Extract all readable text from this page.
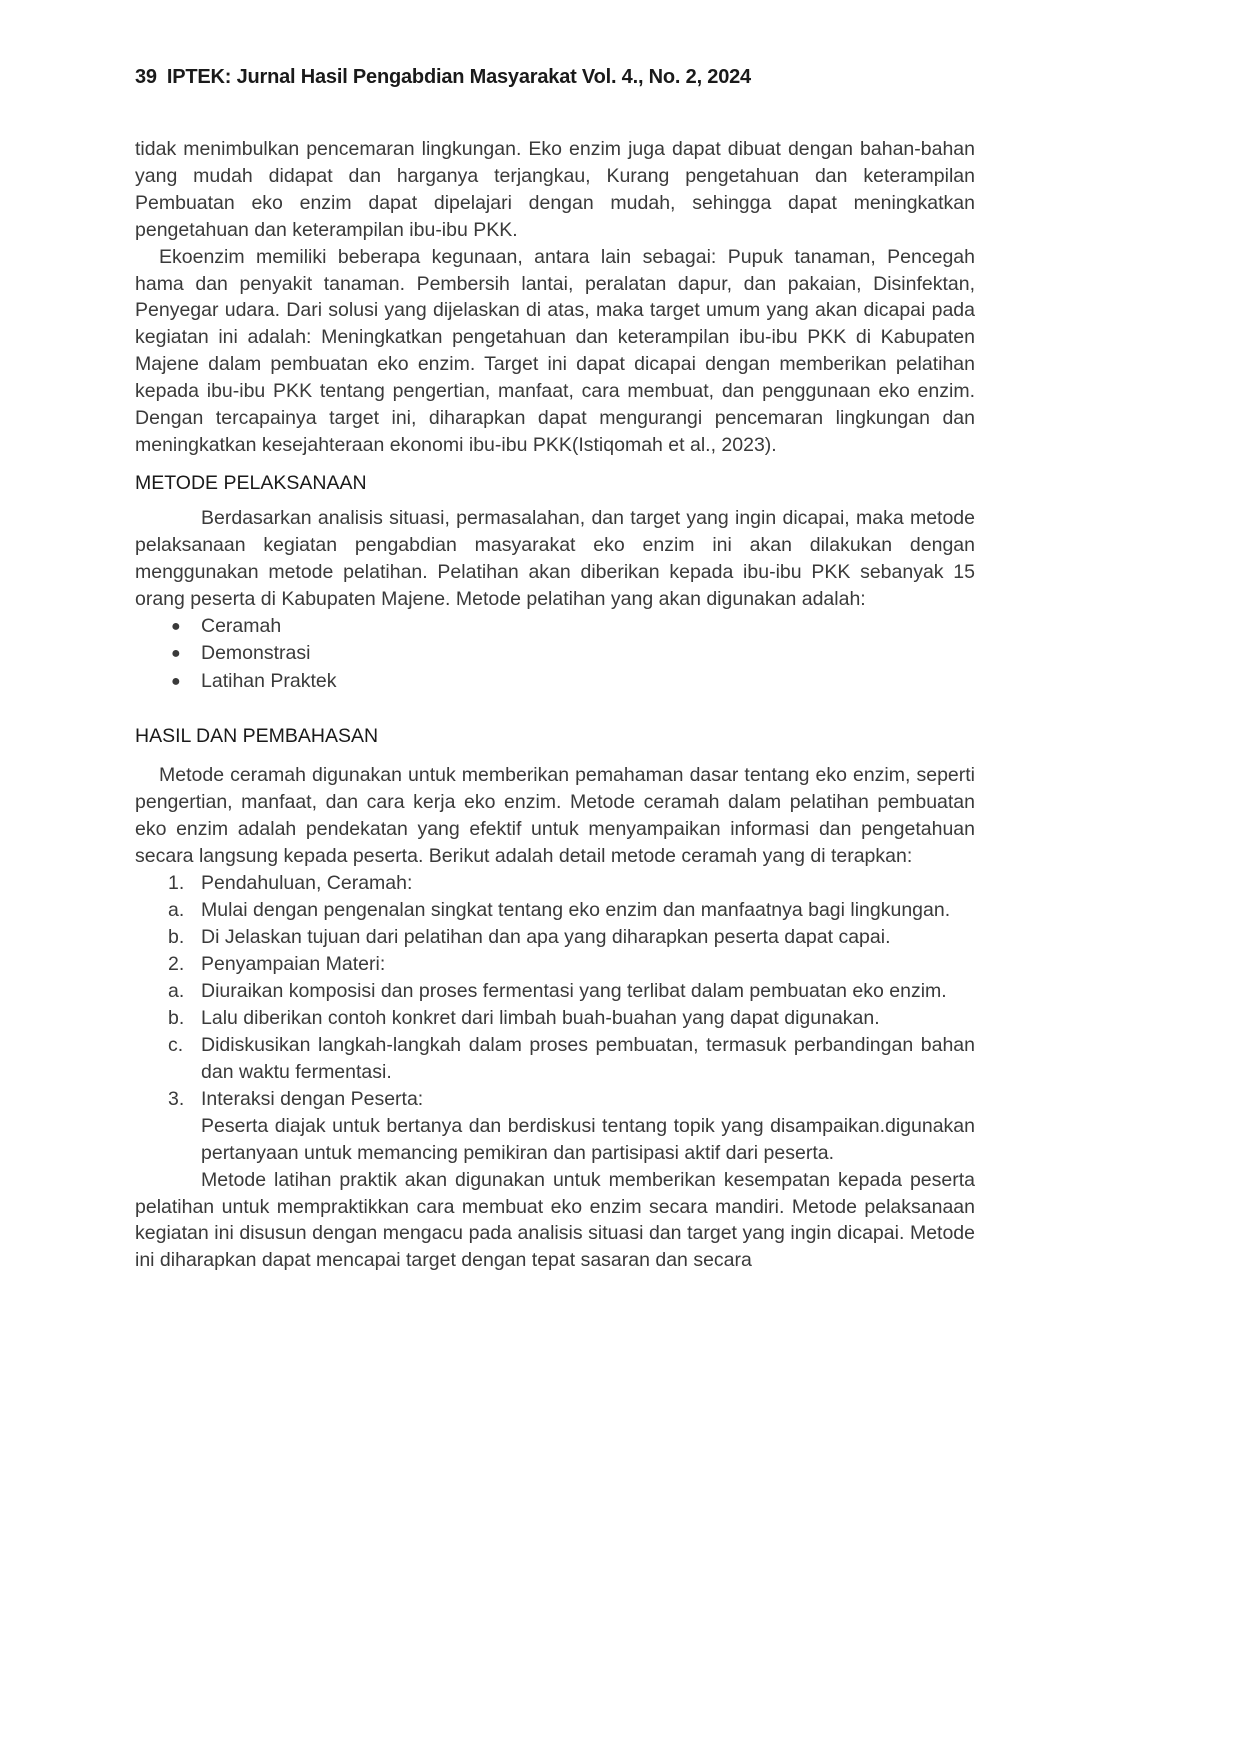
39 IPTEK: Jurnal Hasil Pengabdian Masyarakat Vol. 4., No. 2, 2024

tidak menimbulkan pencemaran lingkungan. Eko enzim juga dapat dibuat dengan bahan-bahan yang mudah didapat dan harganya terjangkau, Kurang pengetahuan dan keterampilan Pembuatan eko enzim dapat dipelajari dengan mudah, sehingga dapat meningkatkan pengetahuan dan keterampilan ibu-ibu PKK.

Ekoenzim memiliki beberapa kegunaan, antara lain sebagai: Pupuk tanaman, Pencegah hama dan penyakit tanaman. Pembersih lantai, peralatan dapur, dan pakaian, Disinfektan, Penyegar udara. Dari solusi yang dijelaskan di atas, maka target umum yang akan dicapai pada kegiatan ini adalah: Meningkatkan pengetahuan dan keterampilan ibu-ibu PKK di Kabupaten Majene dalam pembuatan eko enzim. Target ini dapat dicapai dengan memberikan pelatihan kepada ibu-ibu PKK tentang pengertian, manfaat, cara membuat, dan penggunaan eko enzim. Dengan tercapainya target ini, diharapkan dapat mengurangi pencemaran lingkungan dan meningkatkan kesejahteraan ekonomi ibu-ibu PKK(Istiqomah et al., 2023).

METODE PELAKSANAAN

Berdasarkan analisis situasi, permasalahan, dan target yang ingin dicapai, maka metode pelaksanaan kegiatan pengabdian masyarakat eko enzim ini akan dilakukan dengan menggunakan metode pelatihan. Pelatihan akan diberikan kepada ibu-ibu PKK sebanyak 15 orang peserta di Kabupaten Majene. Metode pelatihan yang akan digunakan adalah:

● Ceramah
● Demonstrasi
● Latihan Praktek
HASIL DAN PEMBAHASAN

Metode ceramah digunakan untuk memberikan pemahaman dasar tentang eko enzim, seperti pengertian, manfaat, dan cara kerja eko enzim. Metode ceramah dalam pelatihan pembuatan eko enzim adalah pendekatan yang efektif untuk menyampaikan informasi dan pengetahuan secara langsung kepada peserta. Berikut adalah detail metode ceramah yang di terapkan:

1. Pendahuluan, Ceramah:
a. Mulai dengan pengenalan singkat tentang eko enzim dan manfaatnya bagi lingkungan.
b. Di Jelaskan tujuan dari pelatihan dan apa yang diharapkan peserta dapat capai.
2. Penyampaian Materi:
a. Diuraikan komposisi dan proses fermentasi yang terlibat dalam pembuatan eko enzim.
b. Lalu diberikan contoh konkret dari limbah buah-buahan yang dapat digunakan.
c. Didiskusikan langkah-langkah dalam proses pembuatan, termasuk perbandingan bahan dan waktu fermentasi.
3. Interaksi dengan Peserta:

Peserta diajak untuk bertanya dan berdiskusi tentang topik yang disampaikan.digunakan pertanyaan untuk memancing pemikiran dan partisipasi aktif dari peserta.

Metode latihan praktik akan digunakan untuk memberikan kesempatan kepada peserta pelatihan untuk mempraktikkan cara membuat eko enzim secara mandiri. Metode pelaksanaan kegiatan ini disusun dengan mengacu pada analisis situasi dan target yang ingin dicapai. Metode ini diharapkan dapat mencapai target dengan tepat sasaran dan secara
